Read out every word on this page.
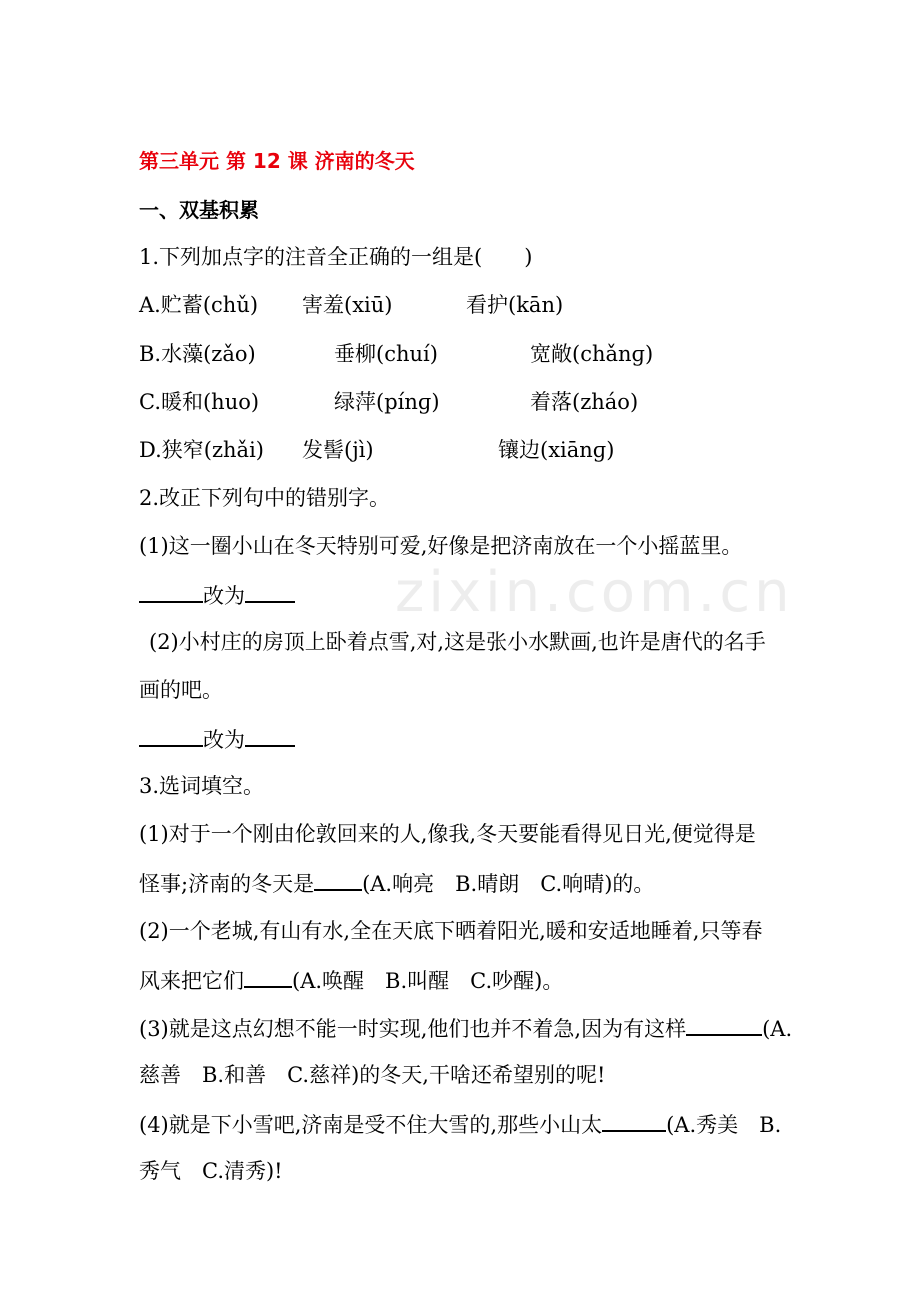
zixin.com.cn
第三单元 第 12 课 济南的冬天
一、双基积累
1.下列加点字的注音全正确的一组是(　　)
A.贮蓄(chǔ) 害羞(xiū)	看护(kān)
B.水藻(zǎo)	垂柳(chuí)	宽敞(chǎnɡ)
C.暖和(huo)	绿萍(pínɡ)	着落(zháo)
D.狭窄(zhǎi) 发髻(jì)	镶边(xiānɡ)
2.改正下列句中的错别字。
(1)这一圈小山在冬天特别可爱,好像是把济南放在一个小摇蓝里。
改为
(2)小村庄的房顶上卧着点雪,对,这是张小水默画,也许是唐代的名手
画的吧。
改为
3.选词填空。
(1)对于一个刚由伦敦回来的人,像我,冬天要能看得见日光,便觉得是
怪事;济南的冬天是 (A.响亮　B.晴朗　C.响晴)的。
(2)一个老城,有山有水,全在天底下晒着阳光,暖和安适地睡着,只等春
风来把它们 (A.唤醒　B.叫醒　C.吵醒)。
(3)就是这点幻想不能一时实现,他们也并不着急,因为有这样	(A.
慈善　B.和善　C.慈祥)的冬天,干啥还希望别的呢!
(4)就是下小雪吧,济南是受不住大雪的,那些小山太	(A.秀美　B.
秀气　C.清秀)!
